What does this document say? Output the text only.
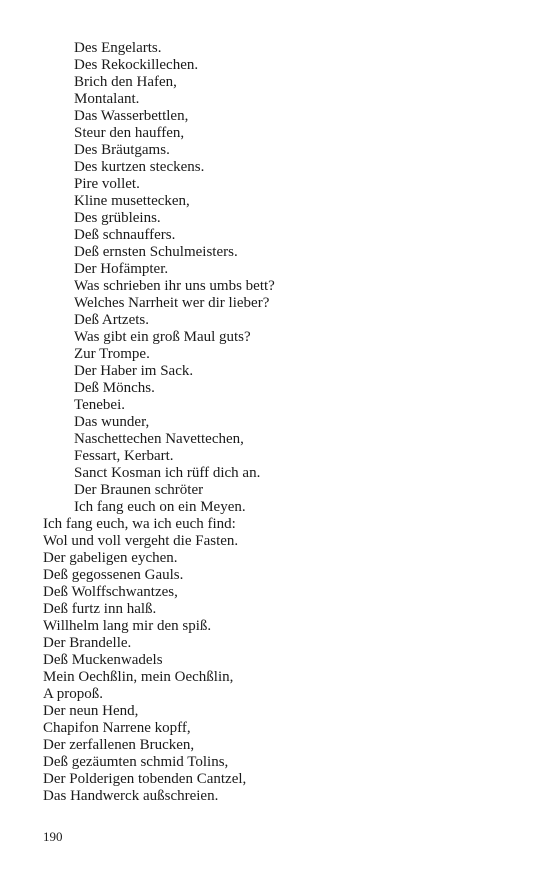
Des Engelarts.
Des Rekockillechen.
Brich den Hafen,
Montalant.
Das Wasserbettlen,
Steur den hauffen,
Des Bräutgams.
Des kurtzen steckens.
Pire vollet.
Kline musettecken,
Des grübleins.
Deß schnauffers.
Deß ernsten Schulmeisters.
Der Hofämpter.
Was schrieben ihr uns umbs bett?
Welches Narrheit wer dir lieber?
Deß Artzets.
Was gibt ein groß Maul guts?
Zur Trompe.
Der Haber im Sack.
Deß Mönchs.
Tenebei.
Das wunder,
Naschettechen Navettechen,
Fessart, Kerbart.
Sanct Kosman ich rüff dich an.
Der Braunen schröter
Ich fang euch on ein Meyen.
Ich fang euch, wa ich euch find:
Wol und voll vergeht die Fasten.
Der gabeligen eychen.
Deß gegossenen Gauls.
Deß Wolffschwantzes,
Deß furtz inn halß.
Willhelm lang mir den spiß.
Der Brandelle.
Deß Muckenwadels
Mein Oechßlin, mein Oechßlin,
A propoß.
Der neun Hend,
Chapifon Narrene kopff,
Der zerfallenen Brucken,
Deß gezäumten schmid Tolins,
Der Polderigen tobenden Cantzel,
Das Handwerck außschreien.
190
